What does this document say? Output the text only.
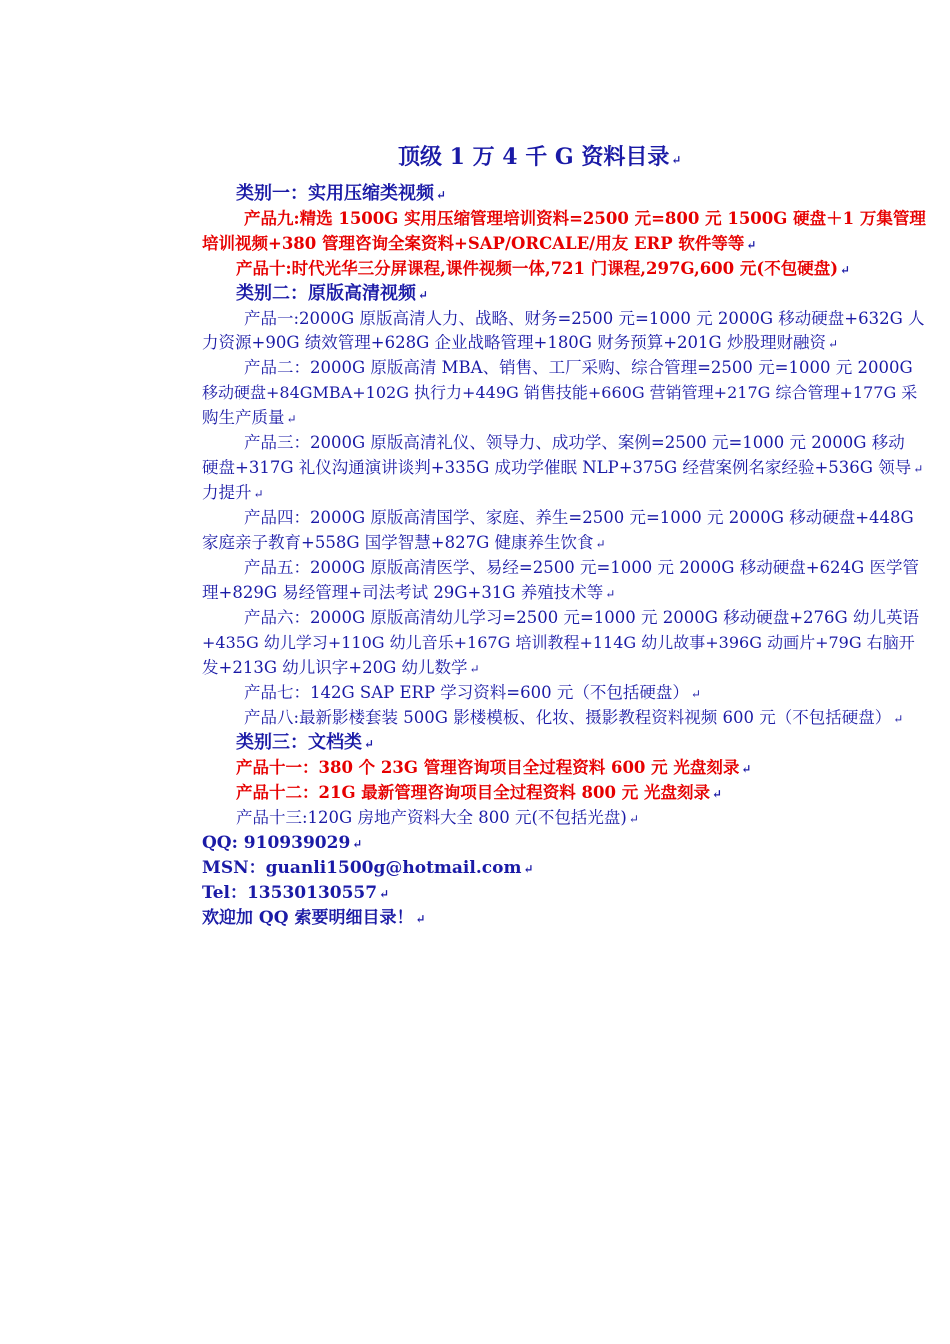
顶级 1 万 4 千 G 资料目录 ↵
类别一：实用压缩类视频 ↵
产品九:精选 1500G 实用压缩管理培训资料=2500 元=800 元 1500G 硬盘＋1 万集管理
培训视频+380 管理咨询全案资料+SAP/ORCALE/用友 ERP 软件等等 ↵
产品十:时代光华三分屏课程,课件视频一体,721 门课程,297G,600 元(不包硬盘) ↵
类别二：原版高清视频 ↵
产品一:2000G 原版高清人力、战略、财务=2500 元=1000 元 2000G 移动硬盘+632G 人
力资源+90G 绩效管理+628G 企业战略管理+180G 财务预算+201G 炒股理财融资 ↵
产品二：2000G 原版高清 MBA、销售、工厂采购、综合管理=2500 元=1000 元 2000G
移动硬盘+84GMBA+102G 执行力+449G 销售技能+660G 营销管理+217G 综合管理+177G 采
购生产质量 ↵
产品三：2000G 原版高清礼仪、领导力、成功学、案例=2500 元=1000 元 2000G 移动
硬盘+317G 礼仪沟通演讲谈判+335G 成功学催眠 NLP+375G 经营案例名家经验+536G 领导 ↵
力提升 ↵
产品四：2000G 原版高清国学、家庭、养生=2500 元=1000 元 2000G 移动硬盘+448G
家庭亲子教育+558G 国学智慧+827G 健康养生饮食 ↵
产品五：2000G 原版高清医学、易经=2500 元=1000 元 2000G 移动硬盘+624G 医学管
理+829G 易经管理+司法考试 29G+31G 养殖技术等 ↵
产品六：2000G 原版高清幼儿学习=2500 元=1000 元 2000G 移动硬盘+276G 幼儿英语
+435G 幼儿学习+110G 幼儿音乐+167G 培训教程+114G 幼儿故事+396G 动画片+79G 右脑开
发+213G 幼儿识字+20G 幼儿数学 ↵
产品七：142G SAP ERP 学习资料=600 元（不包括硬盘） ↵
产品八:最新影楼套装 500G 影楼模板、化妆、摄影教程资料视频 600 元（不包括硬盘） ↵
类别三：文档类 ↵
产品十一：380 个 23G 管理咨询项目全过程资料 600 元 光盘刻录 ↵
产品十二：21G 最新管理咨询项目全过程资料 800 元 光盘刻录 ↵
产品十三:120G 房地产资料大全 800 元(不包括光盘) ↵
QQ: 910939029 ↵
MSN：guanli1500g@hotmail.com ↵
Tel：13530130557 ↵
欢迎加 QQ 索要明细目录！ ↵
